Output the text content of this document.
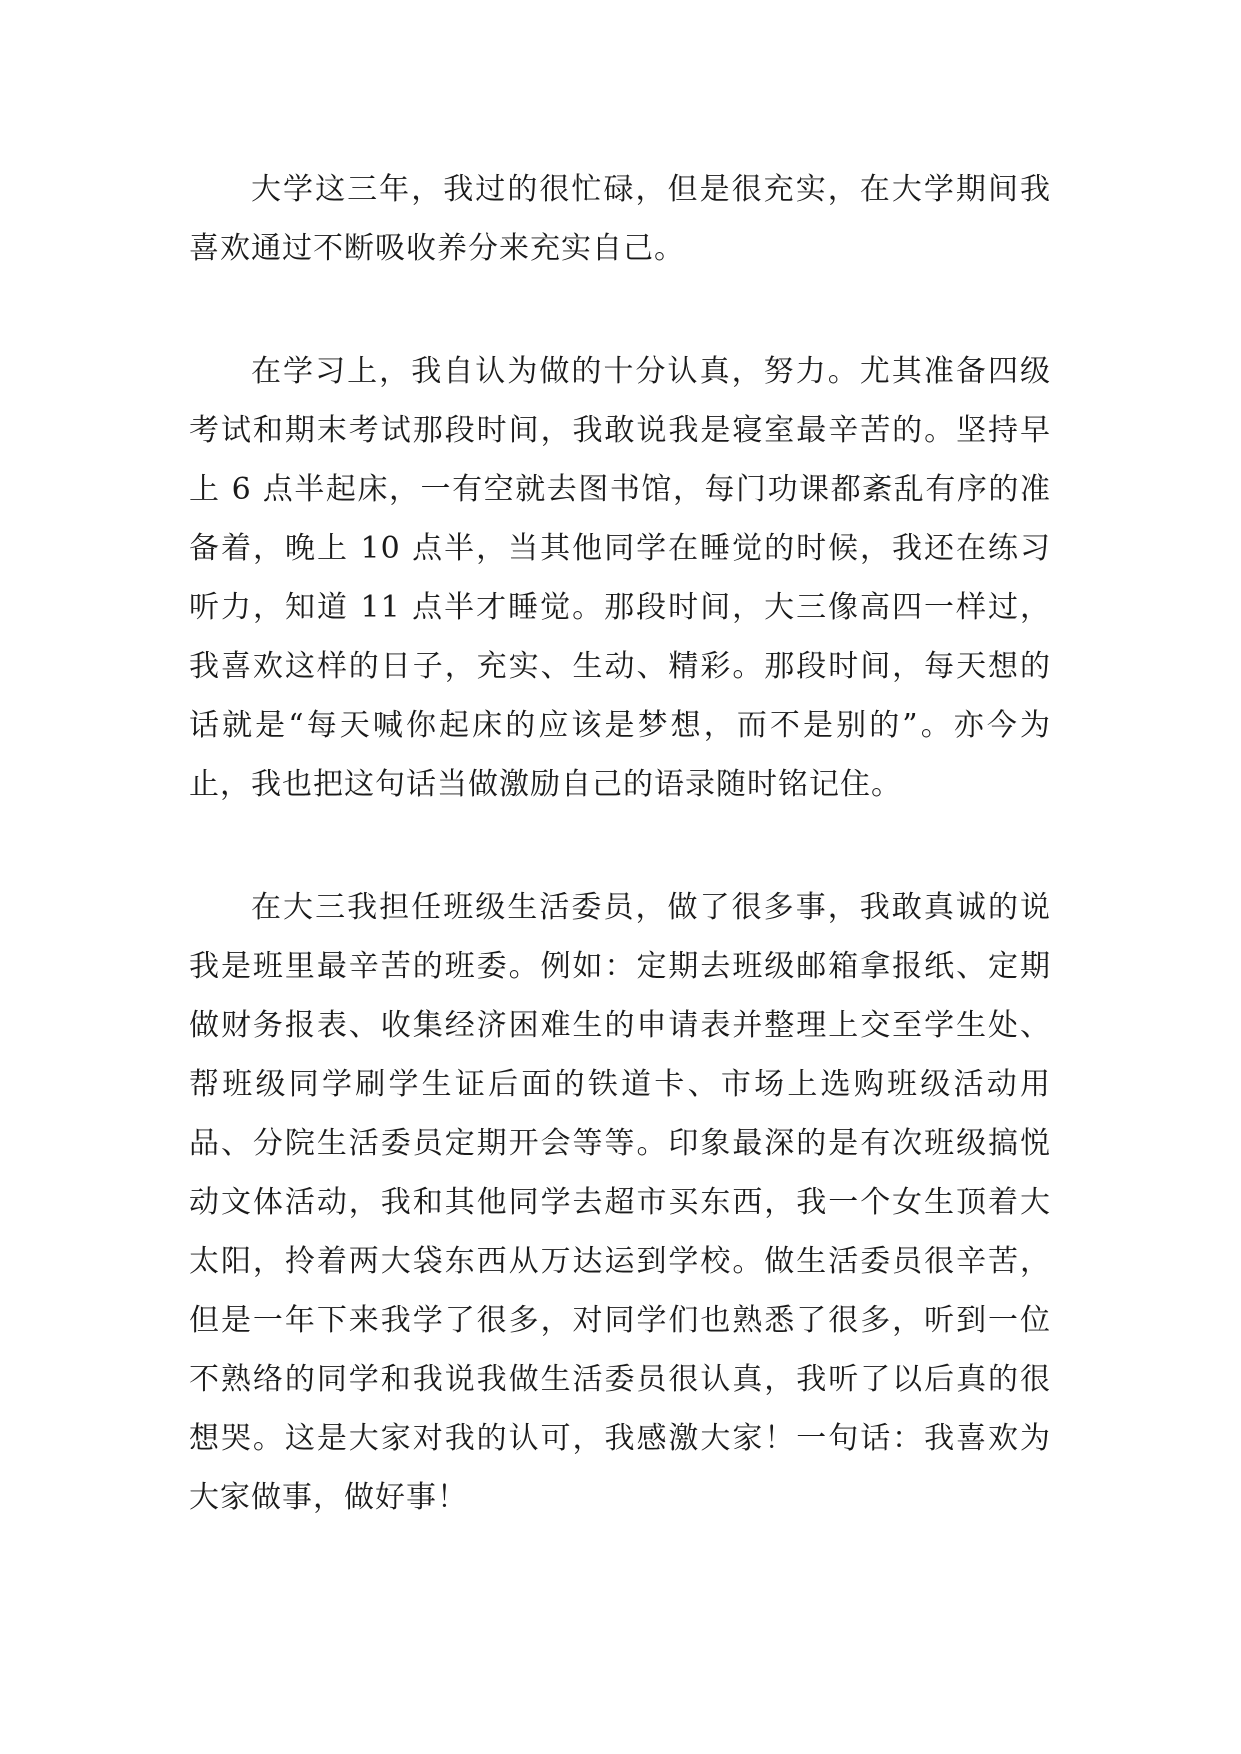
大学这三年，我过的很忙碌，但是很充实，在大学期间我喜欢通过不断吸收养分来充实自己。

在学习上，我自认为做的十分认真，努力。尤其准备四级考试和期末考试那段时间，我敢说我是寝室最辛苦的。坚持早上 6 点半起床，一有空就去图书馆，每门功课都紊乱有序的准备着，晚上 10 点半，当其他同学在睡觉的时候，我还在练习听力，知道 11 点半才睡觉。那段时间，大三像高四一样过，我喜欢这样的日子，充实、生动、精彩。那段时间，每天想的话就是“每天喊你起床的应该是梦想，而不是别的”。亦今为止，我也把这句话当做激励自己的语录随时铭记住。

在大三我担任班级生活委员，做了很多事，我敢真诚的说我是班里最辛苦的班委。例如：定期去班级邮箱拿报纸、定期做财务报表、收集经济困难生的申请表并整理上交至学生处、帮班级同学刷学生证后面的铁道卡、市场上选购班级活动用品、分院生活委员定期开会等等。印象最深的是有次班级搞悦动文体活动，我和其他同学去超市买东西，我一个女生顶着大太阳，拎着两大袋东西从万达运到学校。做生活委员很辛苦，但是一年下来我学了很多，对同学们也熟悉了很多，听到一位不熟络的同学和我说我做生活委员很认真，我听了以后真的很想哭。这是大家对我的认可，我感激大家！一句话：我喜欢为大家做事，做好事！
